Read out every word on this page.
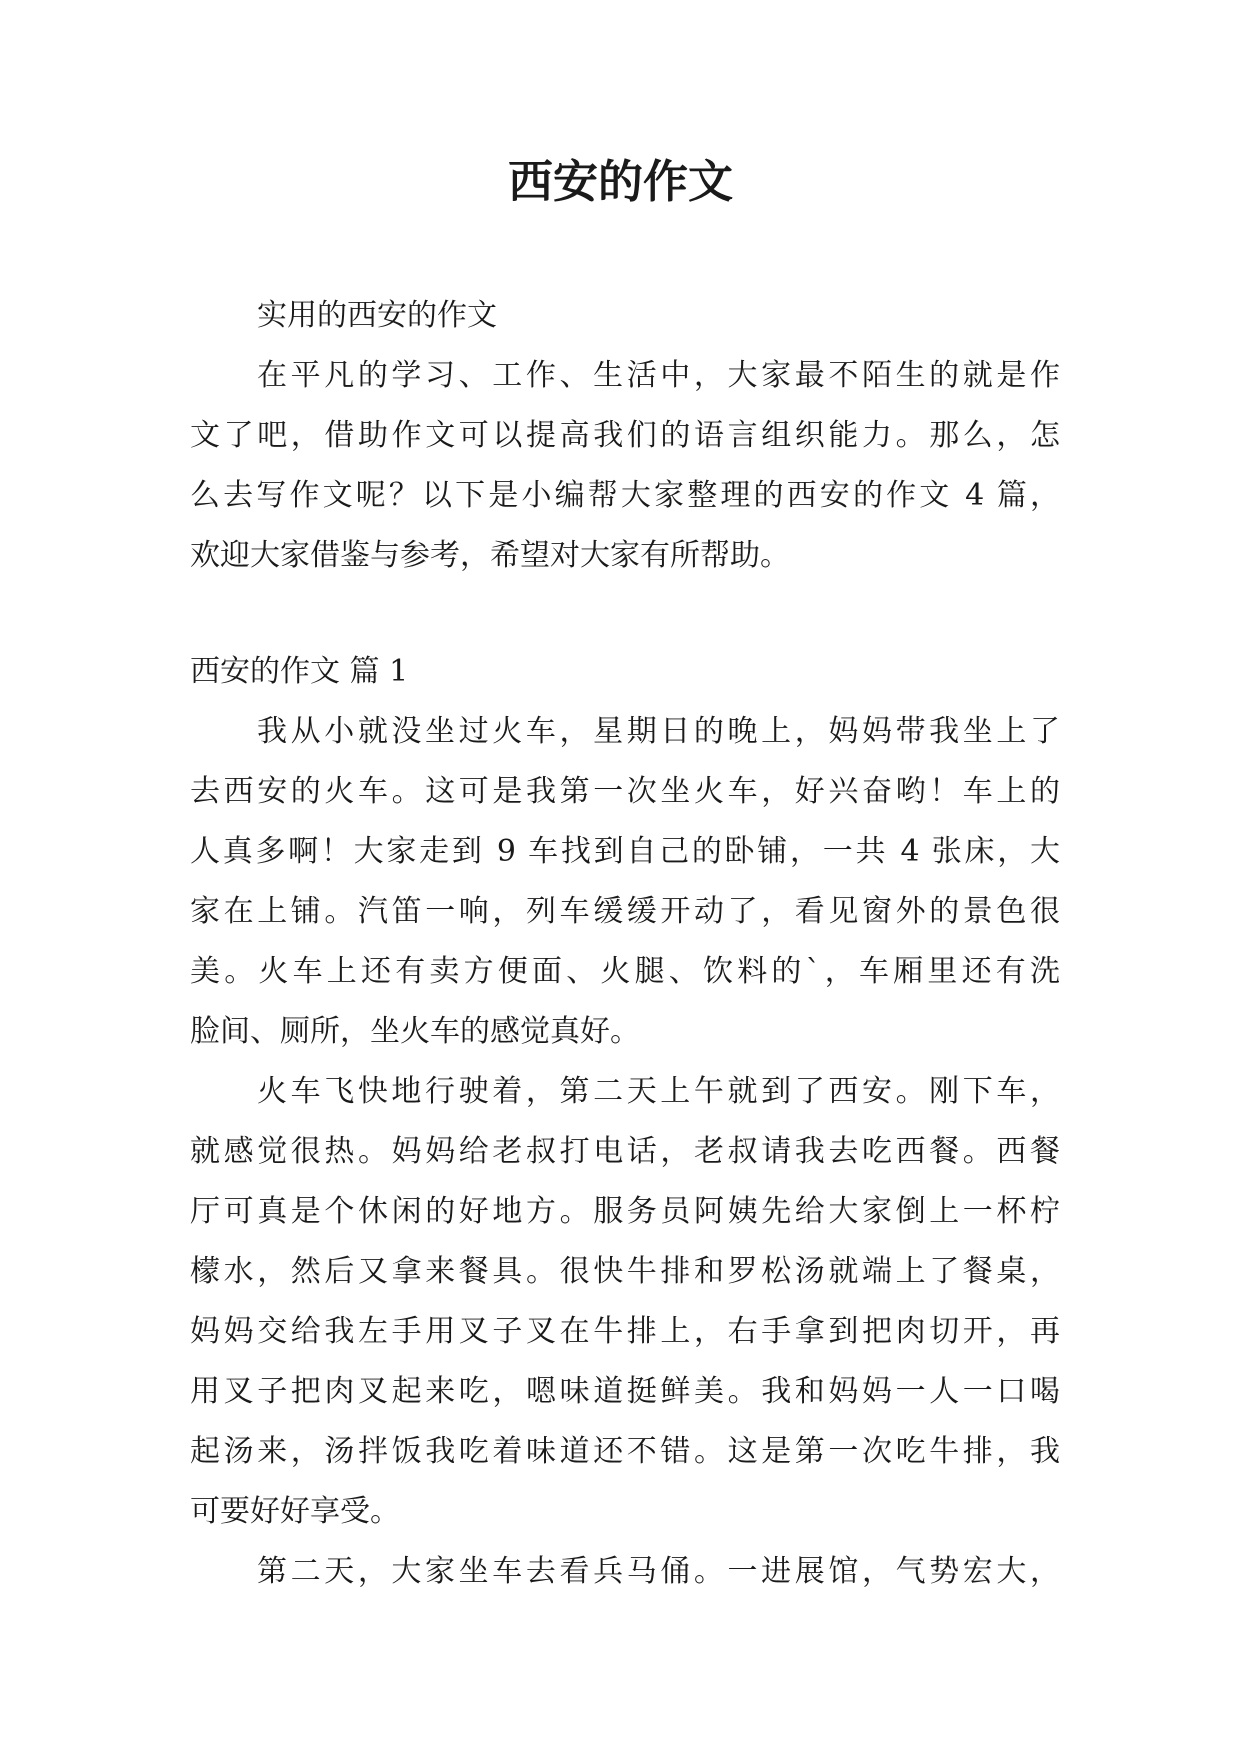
西安的作文
实用的西安的作文
在平凡的学习、工作、生活中，大家最不陌生的就是作
文了吧，借助作文可以提高我们的语言组织能力。那么，怎
么去写作文呢？以下是小编帮大家整理的西安的作文 4 篇，
欢迎大家借鉴与参考，希望对大家有所帮助。
西安的作文 篇 1
我从小就没坐过火车，星期日的晚上，妈妈带我坐上了
去西安的火车。这可是我第一次坐火车，好兴奋哟！车上的
人真多啊！大家走到 9 车找到自己的卧铺，一共 4 张床，大
家在上铺。汽笛一响，列车缓缓开动了，看见窗外的景色很
美。火车上还有卖方便面、火腿、饮料的`，车厢里还有洗
脸间、厕所，坐火车的感觉真好。
火车飞快地行驶着，第二天上午就到了西安。刚下车，
就感觉很热。妈妈给老叔打电话，老叔请我去吃西餐。西餐
厅可真是个休闲的好地方。服务员阿姨先给大家倒上一杯柠
檬水，然后又拿来餐具。很快牛排和罗松汤就端上了餐桌，
妈妈交给我左手用叉子叉在牛排上，右手拿到把肉切开，再
用叉子把肉叉起来吃，嗯味道挺鲜美。我和妈妈一人一口喝
起汤来，汤拌饭我吃着味道还不错。这是第一次吃牛排，我
可要好好享受。
第二天，大家坐车去看兵马俑。一进展馆，气势宏大，
